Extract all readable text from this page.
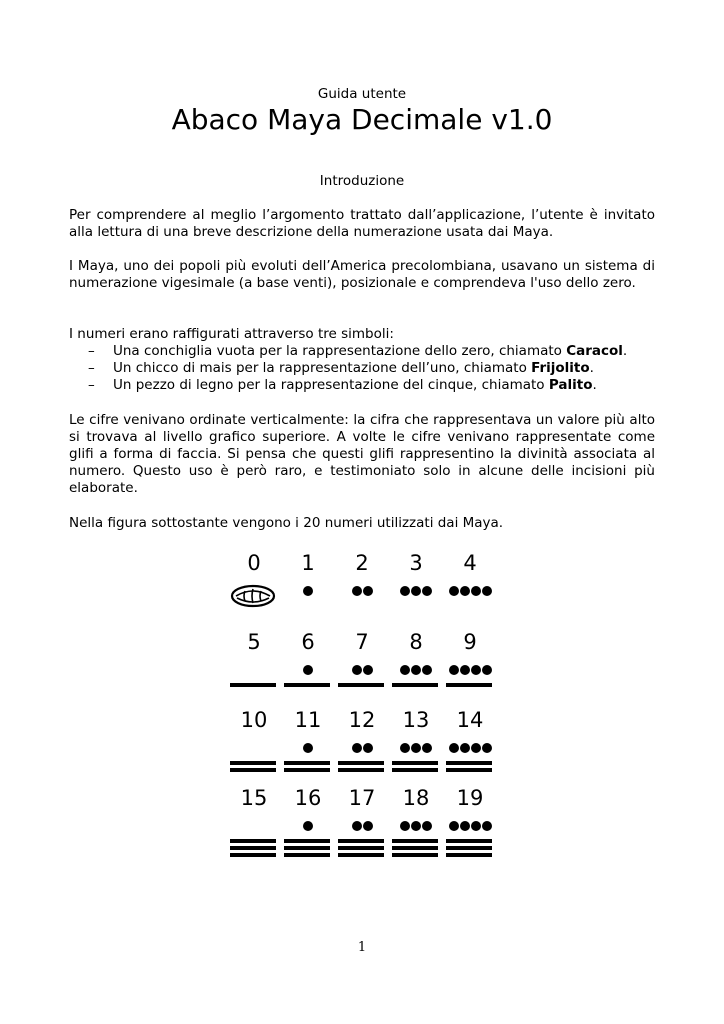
Guida utente
Abaco Maya Decimale v1.0
Introduzione

Per comprendere al meglio l’argomento trattato dall’applicazione, l’utente è invitato alla lettura di una breve descrizione della numerazione usata dai Maya.

I Maya, uno dei popoli più evoluti dell’America precolombiana, usavano un sistema di numerazione vigesimale (a base venti), posizionale e comprendeva l'uso dello zero.

I numeri erano raffigurati attraverso tre simboli:

– Una conchiglia vuota per la rappresentazione dello zero, chiamato Caracol.
– Un chicco di mais per la rappresentazione dell’uno, chiamato Frijolito.
– Un pezzo di legno per la rappresentazione del cinque, chiamato Palito.

Le cifre venivano ordinate verticalmente: la cifra che rappresentava un valore più alto si trovava al livello grafico superiore. A volte le cifre venivano rappresentate come glifi a forma di faccia. Si pensa che questi glifi rappresentino la divinità associata al numero. Questo uso è però raro, e testimoniato solo in alcune delle incisioni più elaborate.

Nella figura sottostante vengono i 20 numeri utilizzati dai Maya.

0	1	2	3	4
5	6	7	8	9
10	11	12	13	14
15	16	17	18	19
1
